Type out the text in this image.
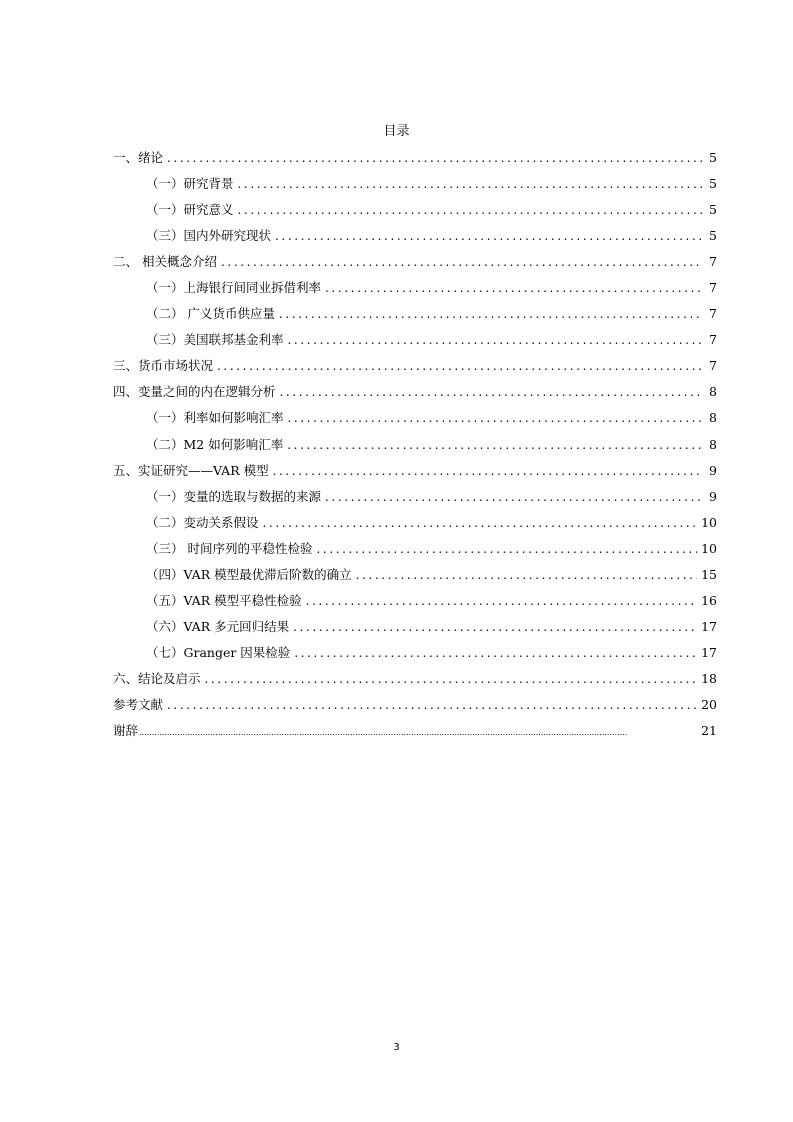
目录
一、绪论 .....	5
（一）研究背景 .....	5
（一）研究意义 .....	5
（三）国内外研究现状 .....	5
二、 相关概念介绍 .....	7
（一）上海银行间同业拆借利率 .....	7
（二） 广义货币供应量 .....	7
（三）美国联邦基金利率 .....	7
三、货币市场状况 .....	7
四、变量之间的内在逻辑分析 .....	8
（一）利率如何影响汇率 .....	8
（二）M2 如何影响汇率 .....	8
五、实证研究——VAR 模型 .....	9
（一）变量的选取与数据的来源 .....	9
（二）变动关系假设 .....	10
（三） 时间序列的平稳性检验 .....	10
（四）VAR 模型最优滞后阶数的确立 .....	15
（五）VAR 模型平稳性检验 .....	16
（六）VAR 多元回归结果 .....	17
（七）Granger 因果检验 .....	17
六、结论及启示 .....	18
参考文献 .....	20
谢辞 .....	21
3
